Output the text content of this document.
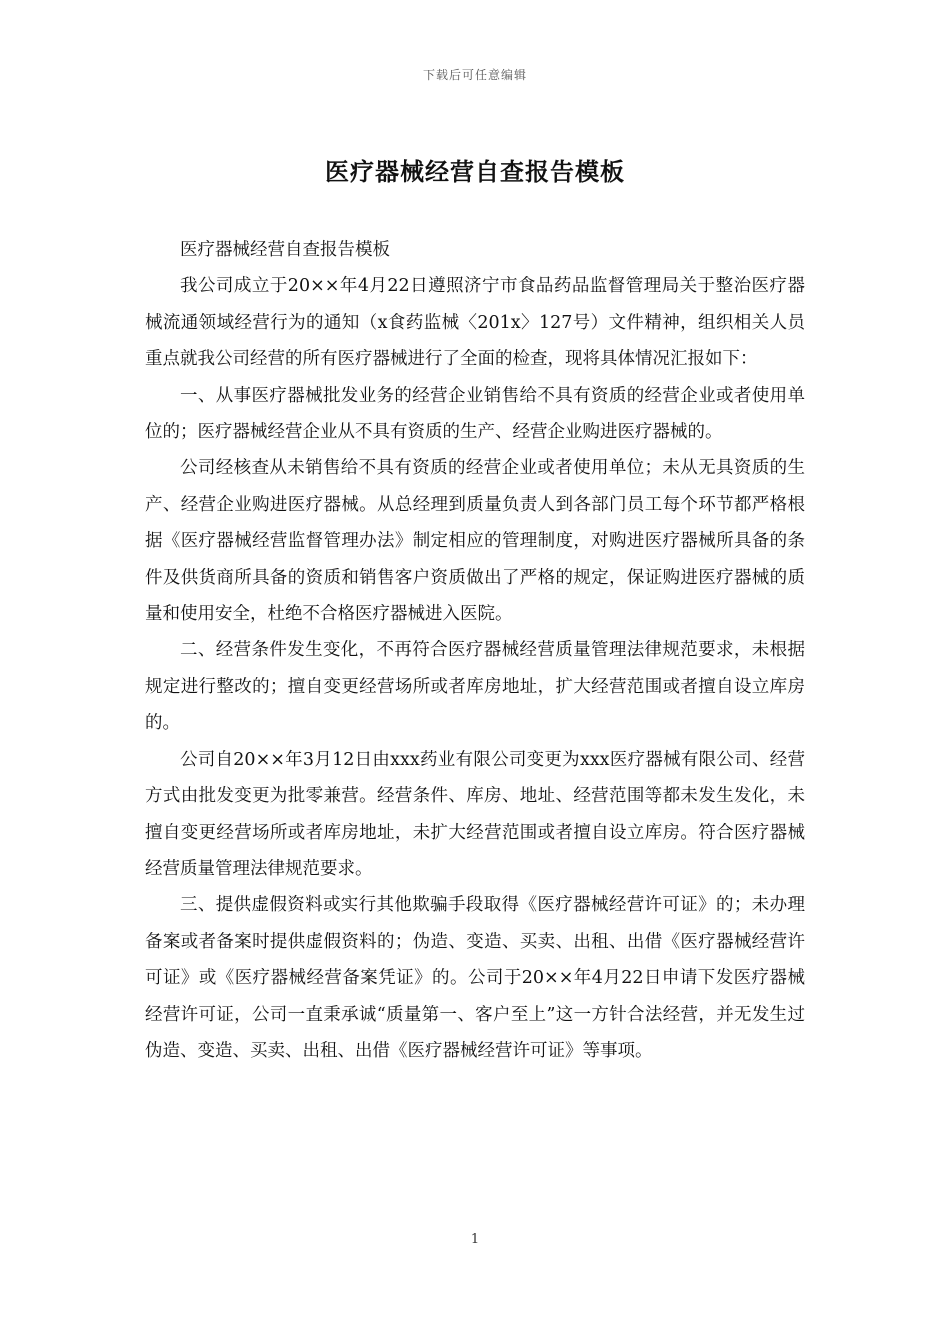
下载后可任意编辑
医疗器械经营自查报告模板

医疗器械经营自查报告模板

我公司成立于20××年4月22日遵照济宁市食品药品监督管理局关于整治医疗器械流通领域经营行为的通知（x食药监械〈201x〉127号）文件精神，组织相关人员重点就我公司经营的所有医疗器械进行了全面的检查，现将具体情况汇报如下：

一、从事医疗器械批发业务的经营企业销售给不具有资质的经营企业或者使用单位的；医疗器械经营企业从不具有资质的生产、经营企业购进医疗器械的。

公司经核查从未销售给不具有资质的经营企业或者使用单位；未从无具资质的生产、经营企业购进医疗器械。从总经理到质量负责人到各部门员工每个环节都严格根据《医疗器械经营监督管理办法》制定相应的管理制度，对购进医疗器械所具备的条件及供货商所具备的资质和销售客户资质做出了严格的规定，保证购进医疗器械的质量和使用安全，杜绝不合格医疗器械进入医院。

二、经营条件发生变化，不再符合医疗器械经营质量管理法律规范要求，未根据规定进行整改的；擅自变更经营场所或者库房地址，扩大经营范围或者擅自设立库房的。

公司自20××年3月12日由xxx药业有限公司变更为xxx医疗器械有限公司、经营方式由批发变更为批零兼营。经营条件、库房、地址、经营范围等都未发生发化，未擅自变更经营场所或者库房地址，未扩大经营范围或者擅自设立库房。符合医疗器械经营质量管理法律规范要求。

三、提供虚假资料或实行其他欺骗手段取得《医疗器械经营许可证》的；未办理备案或者备案时提供虚假资料的；伪造、变造、买卖、出租、出借《医疗器械经营许可证》或《医疗器械经营备案凭证》的。公司于20××年4月22日申请下发医疗器械经营许可证，公司一直秉承诚“质量第一、客户至上”这一方针合法经营，并无发生过伪造、变造、买卖、出租、出借《医疗器械经营许可证》等事项。

1
